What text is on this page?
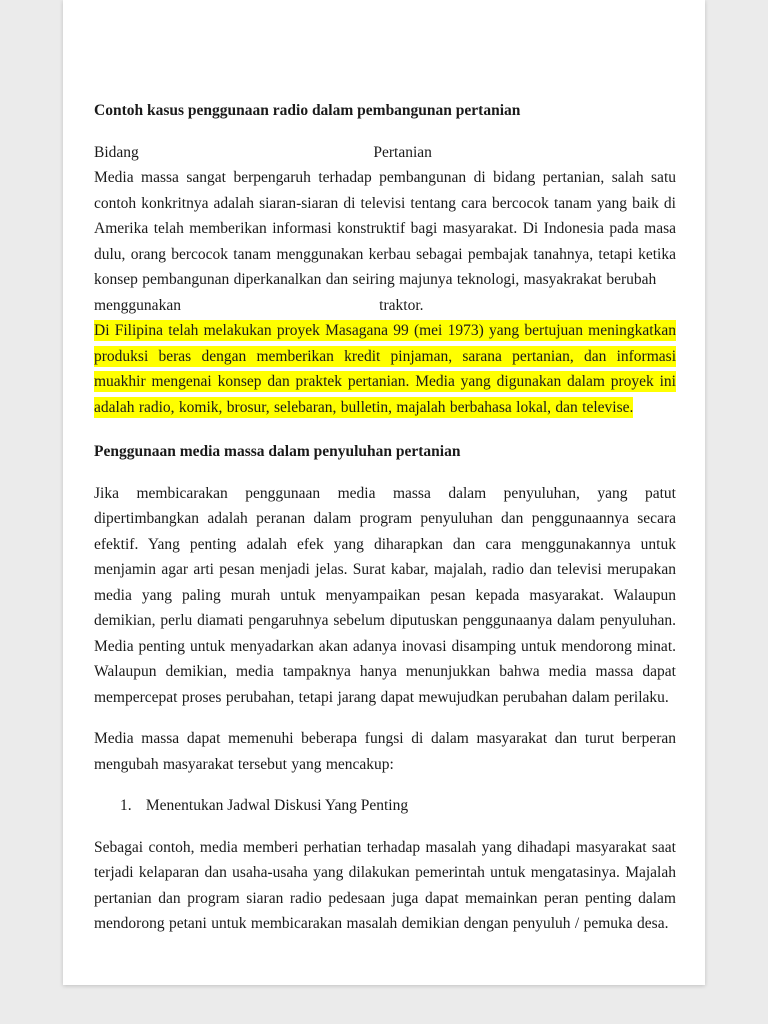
Contoh kasus penggunaan radio dalam pembangunan pertanian
Bidang	Pertanian

Media massa sangat berpengaruh terhadap pembangunan di bidang pertanian, salah satu contoh konkritnya adalah siaran-siaran di televisi tentang cara bercocok tanam yang baik di Amerika telah memberikan informasi konstruktif bagi masyarakat. Di Indonesia pada masa dulu, orang bercocok tanam menggunakan kerbau sebagai pembajak tanahnya, tetapi ketika konsep pembangunan diperkanalkan dan seiring majunya teknologi, masyakrakat berubah

menggunakan	traktor.

Di Filipina telah melakukan proyek Masagana 99 (mei 1973) yang bertujuan meningkatkan produksi beras dengan memberikan kredit pinjaman, sarana pertanian, dan informasi muakhir mengenai konsep dan praktek pertanian. Media yang digunakan dalam proyek ini adalah radio, komik, brosur, selebaran, bulletin, majalah berbahasa lokal, dan televise.

Penggunaan media massa dalam penyuluhan pertanian

Jika membicarakan penggunaan media massa dalam penyuluhan, yang patut dipertimbangkan adalah peranan dalam program penyuluhan dan penggunaannya secara efektif. Yang penting adalah efek yang diharapkan dan cara menggunakannya untuk menjamin agar arti pesan menjadi jelas. Surat kabar, majalah, radio dan televisi merupakan media yang paling murah untuk menyampaikan pesan kepada masyarakat. Walaupun demikian, perlu diamati pengaruhnya sebelum diputuskan penggunaanya dalam penyuluhan. Media penting untuk menyadarkan akan adanya inovasi disamping untuk mendorong minat. Walaupun demikian, media tampaknya hanya menunjukkan bahwa media massa dapat mempercepat proses perubahan, tetapi jarang dapat mewujudkan perubahan dalam perilaku.

Media massa dapat memenuhi beberapa fungsi di dalam masyarakat dan turut berperan mengubah masyarakat tersebut yang mencakup:

1. Menentukan Jadwal Diskusi Yang Penting

Sebagai contoh, media memberi perhatian terhadap masalah yang dihadapi masyarakat saat terjadi kelaparan dan usaha-usaha yang dilakukan pemerintah untuk mengatasinya. Majalah pertanian dan program siaran radio pedesaan juga dapat memainkan peran penting dalam mendorong petani untuk membicarakan masalah demikian dengan penyuluh / pemuka desa.
